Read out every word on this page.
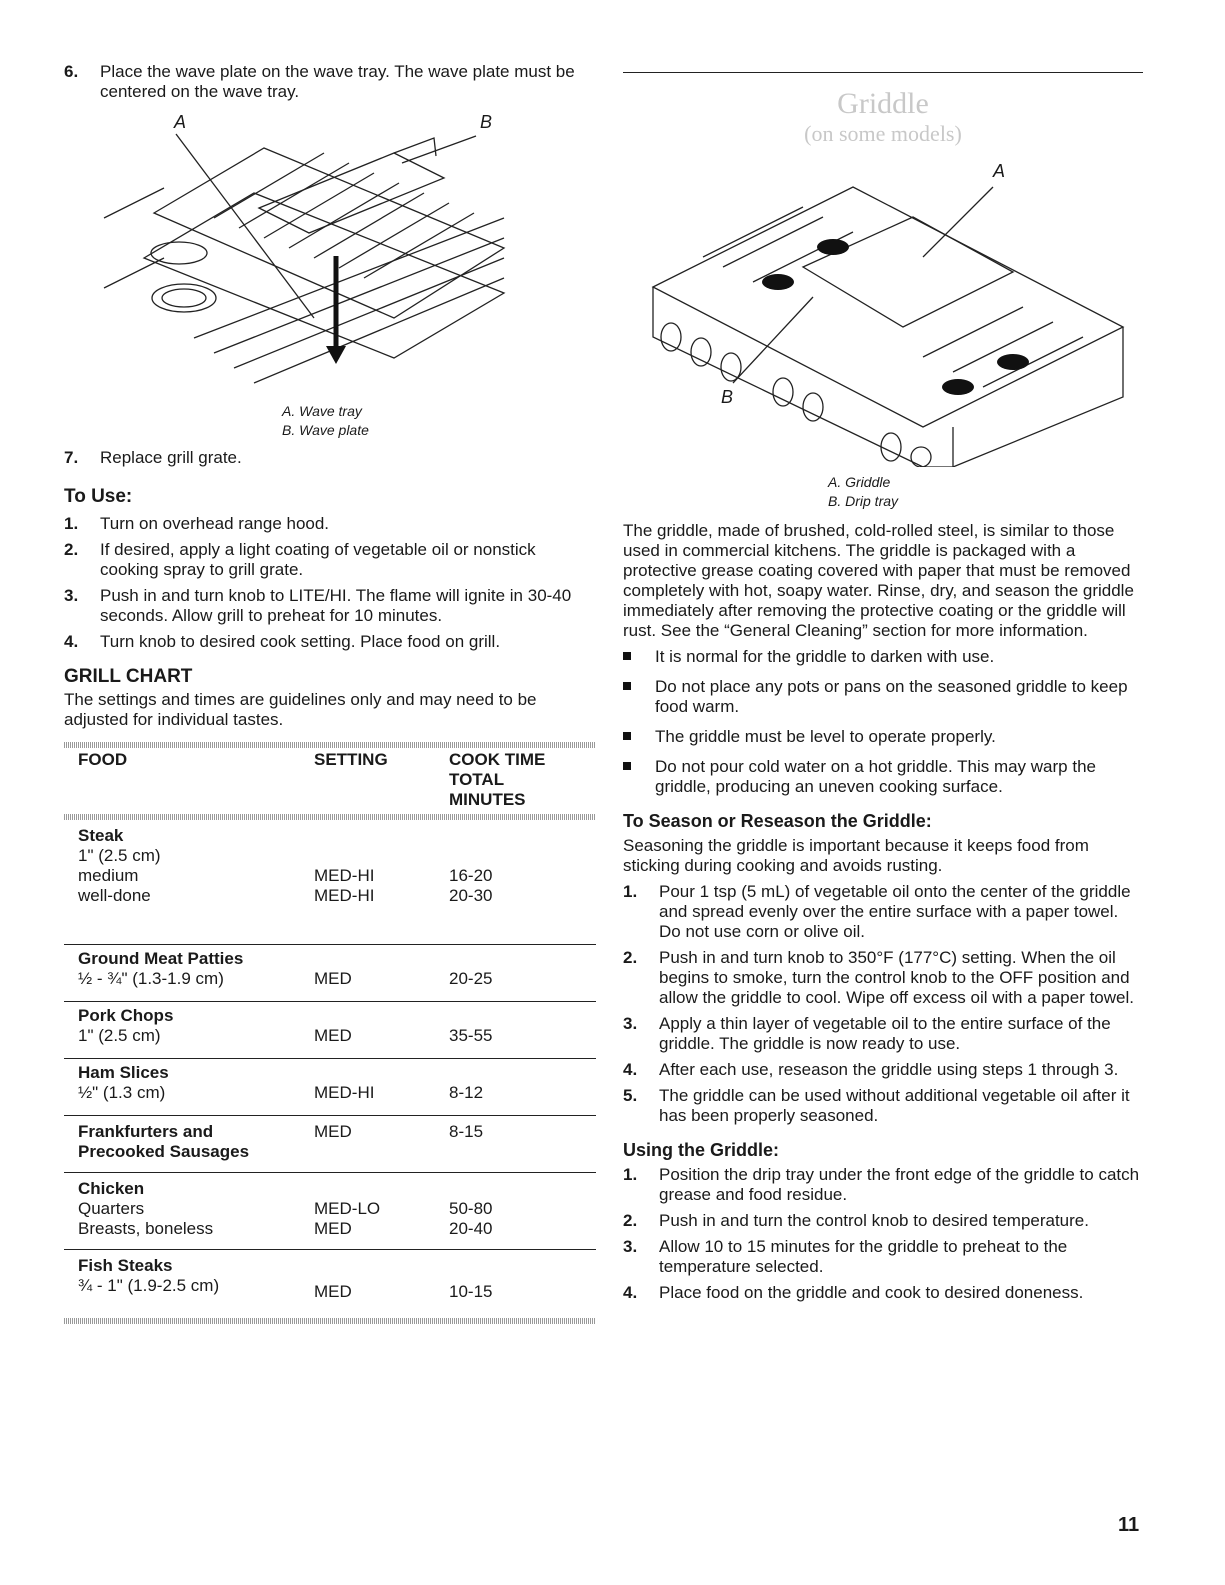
6. Place the wave plate on the wave tray. The wave plate must be centered on the wave tray.
A	B
A. Wave tray
B. Wave plate
7. Replace grill grate.
To Use:
1. Turn on overhead range hood.
2. If desired, apply a light coating of vegetable oil or nonstick cooking spray to grill grate.
3. Push in and turn knob to LITE/HI. The flame will ignite in 30-40 seconds. Allow grill to preheat for 10 minutes.
4. Turn knob to desired cook setting. Place food on grill.
GRILL CHART

The settings and times are guidelines only and may need to be adjusted for individual tastes.

FOOD	SETTING	COOK TIME
TOTAL
MINUTES
Steak
1" (2.5 cm)
medium	MED-HI	16-20
well-done	MED-HI	20-30
Ground Meat Patties
½ - ¾" (1.3-1.9 cm)	MED	20-25
Pork Chops
1" (2.5 cm)	MED	35-55
Ham Slices
½" (1.3 cm)	MED-HI	8-12
Frankfurters and	MED	8-15
Precooked Sausages
Chicken
Quarters	MED-LO	50-80
Breasts, boneless	MED	20-40
Fish Steaks
¾ - 1" (1.9-2.5 cm)	MED	10-15
Griddle
(on some models)
A
B
A. Griddle
B. Drip tray

The griddle, made of brushed, cold-rolled steel, is similar to those used in commercial kitchens. The griddle is packaged with a protective grease coating covered with paper that must be removed completely with hot, soapy water. Rinse, dry, and season the griddle immediately after removing the protective coating or the griddle will rust. See the “General Cleaning” section for more information.

It is normal for the griddle to darken with use.
Do not place any pots or pans on the seasoned griddle to keep food warm.
The griddle must be level to operate properly.
Do not pour cold water on a hot griddle. This may warp the griddle, producing an uneven cooking surface.
To Season or Reseason the Griddle:

Seasoning the griddle is important because it keeps food from sticking during cooking and avoids rusting.

1. Pour 1 tsp (5 mL) of vegetable oil onto the center of the griddle and spread evenly over the entire surface with a paper towel. Do not use corn or olive oil.
2. Push in and turn knob to 350°F (177°C) setting. When the oil begins to smoke, turn the control knob to the OFF position and allow the griddle to cool. Wipe off excess oil with a paper towel.
3. Apply a thin layer of vegetable oil to the entire surface of the griddle. The griddle is now ready to use.
4. After each use, reseason the griddle using steps 1 through 3.
5. The griddle can be used without additional vegetable oil after it has been properly seasoned.
Using the Griddle:
1. Position the drip tray under the front edge of the griddle to catch grease and food residue.
2. Push in and turn the control knob to desired temperature.
3. Allow 10 to 15 minutes for the griddle to preheat to the temperature selected.
4. Place food on the griddle and cook to desired doneness.
11
